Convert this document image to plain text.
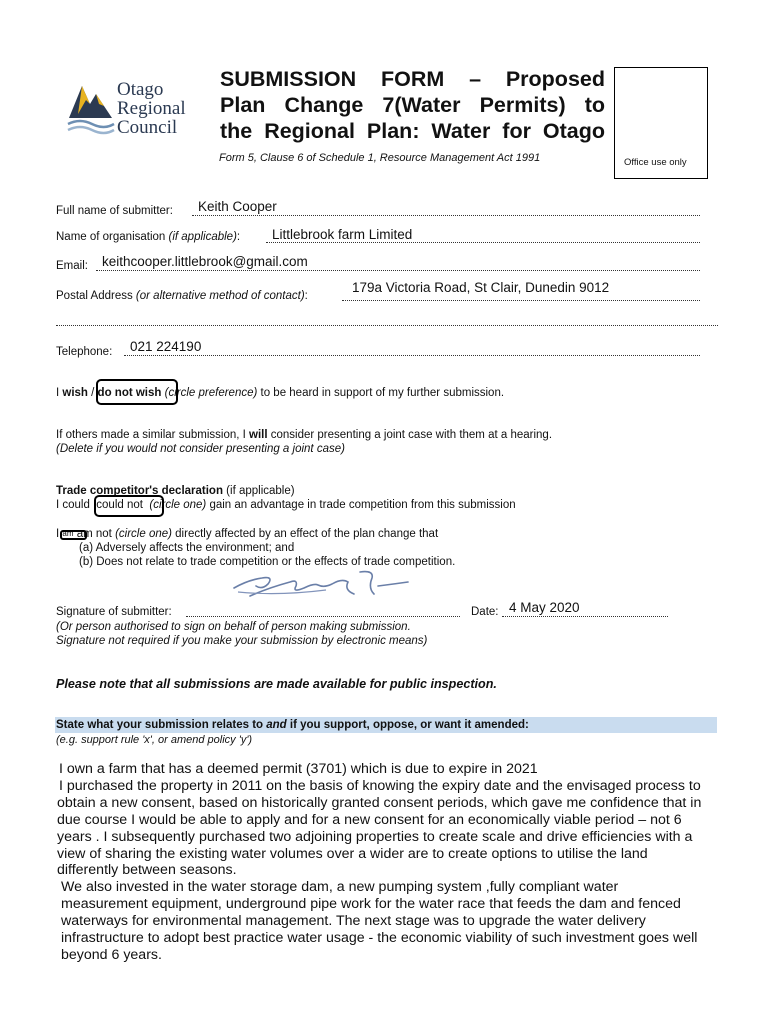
Otago
Regional
Council
SUBMISSION FORM – Proposed
Plan Change 7(Water Permits) to
the Regional Plan: Water for Otago
Form 5, Clause 6 of Schedule 1, Resource Management Act 1991	Office use only
Full name of submitter: Keith Cooper
Name of organisation (if applicable): Littlebrook farm Limited
Email: keithcooper.littlebrook@gmail.com
Postal Address (or alternative method of contact):
179a Victoria Road, St Clair, Dunedin 9012
Telephone: 021 224190
I wish / do not wish (circle preference) to be heard in support of my further submission.
If others made a similar submission, I will consider presenting a joint case with them at a hearing.
(Delete if you would not consider presenting a joint case)
Trade competitor's declaration (if applicable)
I could could not (circle one) gain an advantage in trade competition from this submission
I am am not (circle one) directly affected by an effect of the plan change that
(a) Adversely affects the environment; and
(b) Does not relate to trade competition or the effects of trade competition.
Signature of submitter:	Date: 4 May 2020
(Or person authorised to sign on behalf of person making submission.
Signature not required if you make your submission by electronic means)
Please note that all submissions are made available for public inspection.
State what your submission relates to and if you support, oppose, or want it amended:
(e.g. support rule 'x', or amend policy 'y')
I own a farm that has a deemed permit (3701) which is due to expire in 2021
I purchased the property in 2011 on the basis of knowing the expiry date and the envisaged process to
obtain a new consent, based on historically granted consent periods, which gave me confidence that in
due course I would be able to apply and for a new consent for an economically viable period – not 6
years . I subsequently purchased two adjoining properties to create scale and drive efficiencies with a
view of sharing the existing water volumes over a wider are to create options to utilise the land
differently between seasons.
We also invested in the water storage dam, a new pumping system ,fully compliant water
measurement equipment, underground pipe work for the water race that feeds the dam and fenced
waterways for environmental management. The next stage was to upgrade the water delivery
infrastructure to adopt best practice water usage - the economic viability of such investment goes well
beyond 6 years.
